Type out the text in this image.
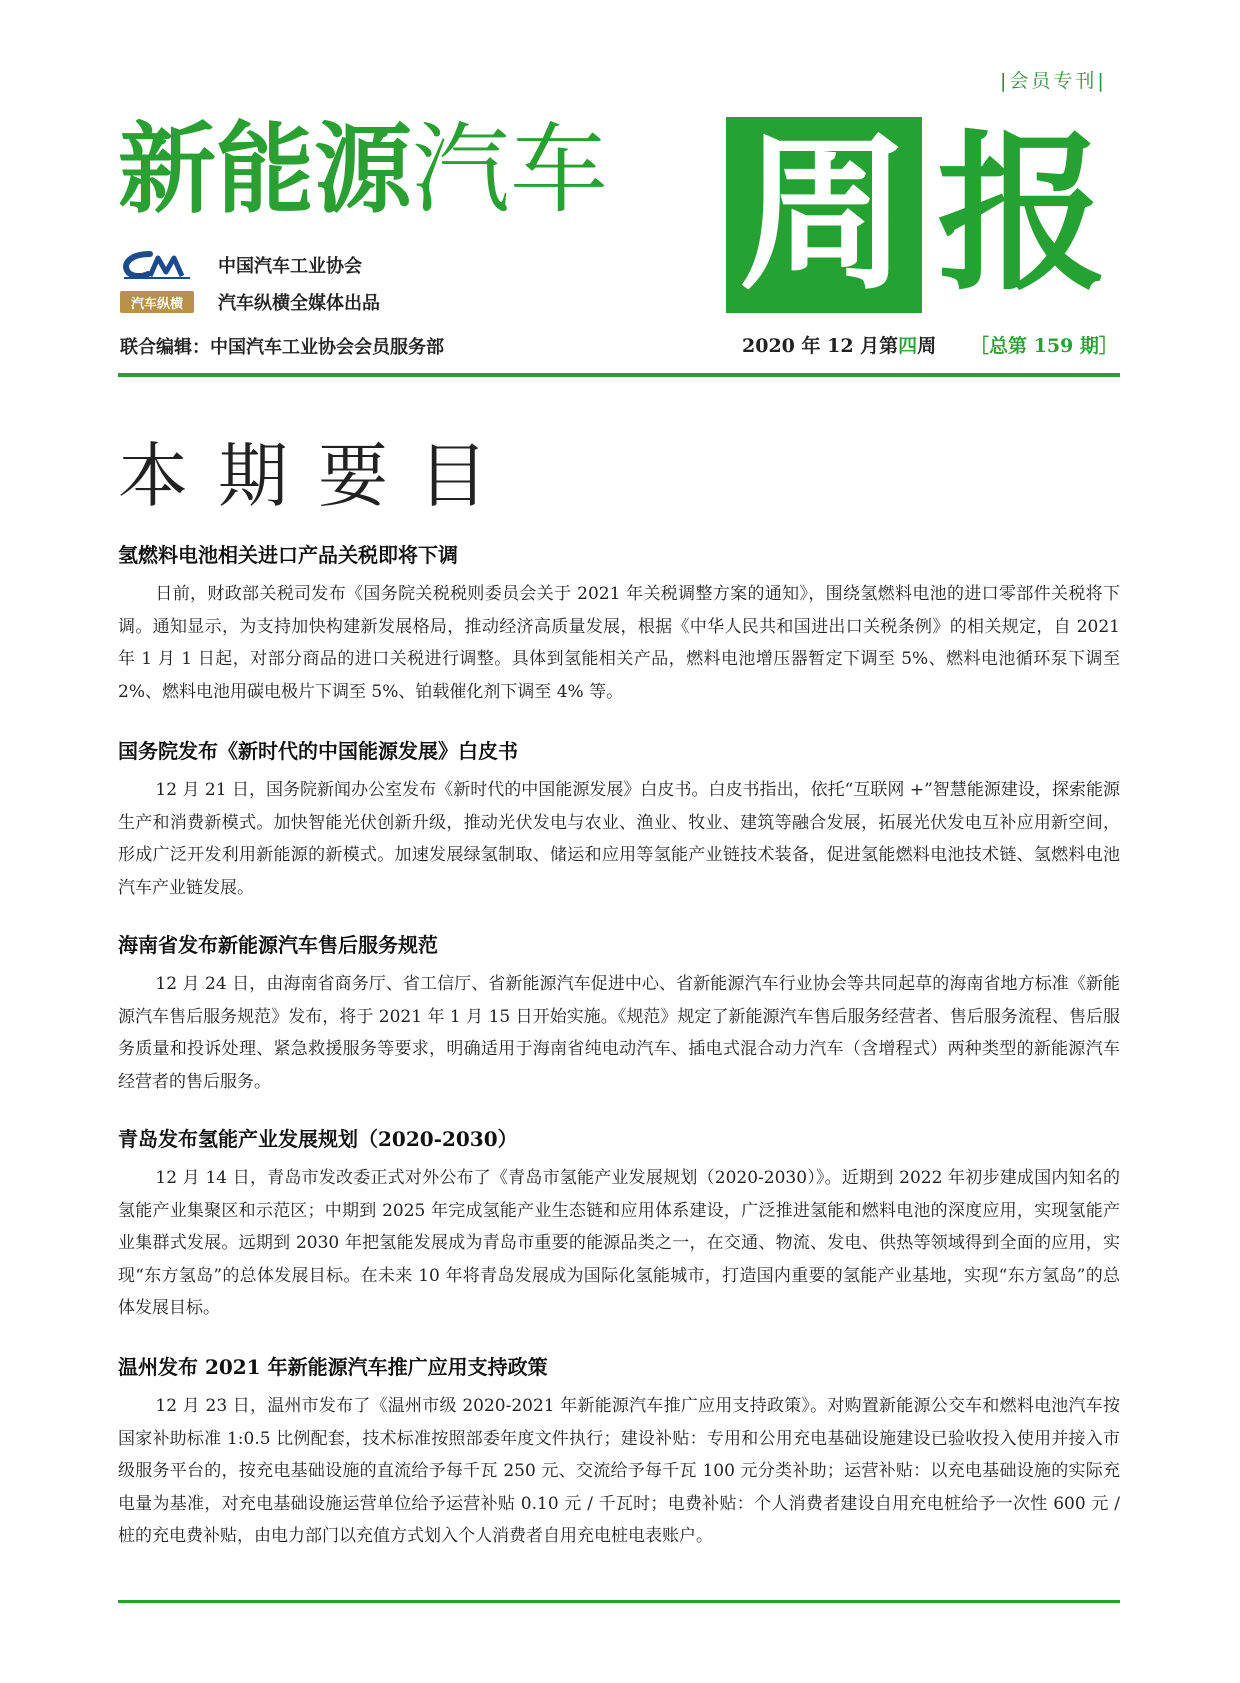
|会员专刊|
新能源汽车 周 报
中国汽车工业协会
汽车纵横	汽车纵横全媒体出品
联合编辑：中国汽车工业协会会员服务部	2020 年 12 月第四周 ［总第 159 期］
本期要目
氢燃料电池相关进口产品关税即将下调

日前，财政部关税司发布《国务院关税税则委员会关于 2021 年关税调整方案的通知》，围绕氢燃料电池的进口零部件关税将下调。通知显示，为支持加快构建新发展格局，推动经济高质量发展，根据《中华人民共和国进出口关税条例》的相关规定，自 2021 年 1 月 1 日起，对部分商品的进口关税进行调整。具体到氢能相关产品，燃料电池增压器暂定下调至 5%、燃料电池循环泵下调至 2%、燃料电池用碳电极片下调至 5%、铂载催化剂下调至 4% 等。

国务院发布《新时代的中国能源发展》白皮书

12 月 21 日，国务院新闻办公室发布《新时代的中国能源发展》白皮书。白皮书指出，依托“互联网 +”智慧能源建设，探索能源生产和消费新模式。加快智能光伏创新升级，推动光伏发电与农业、渔业、牧业、建筑等融合发展，拓展光伏发电互补应用新空间，形成广泛开发利用新能源的新模式。加速发展绿氢制取、储运和应用等氢能产业链技术装备，促进氢能燃料电池技术链、氢燃料电池汽车产业链发展。

海南省发布新能源汽车售后服务规范

12 月 24 日，由海南省商务厅、省工信厅、省新能源汽车促进中心、省新能源汽车行业协会等共同起草的海南省地方标准《新能源汽车售后服务规范》发布，将于 2021 年 1 月 15 日开始实施。《规范》规定了新能源汽车售后服务经营者、售后服务流程、售后服务质量和投诉处理、紧急救援服务等要求，明确适用于海南省纯电动汽车、插电式混合动力汽车（含增程式）两种类型的新能源汽车经营者的售后服务。

青岛发布氢能产业发展规划（2020-2030）

12 月 14 日，青岛市发改委正式对外公布了《青岛市氢能产业发展规划（2020-2030）》。近期到 2022 年初步建成国内知名的氢能产业集聚区和示范区；中期到 2025 年完成氢能产业生态链和应用体系建设，广泛推进氢能和燃料电池的深度应用，实现氢能产业集群式发展。远期到 2030 年把氢能发展成为青岛市重要的能源品类之一，在交通、物流、发电、供热等领域得到全面的应用，实现“东方氢岛”的总体发展目标。在未来 10 年将青岛发展成为国际化氢能城市，打造国内重要的氢能产业基地，实现“东方氢岛”的总体发展目标。

温州发布 2021 年新能源汽车推广应用支持政策

12 月 23 日，温州市发布了《温州市级 2020-2021 年新能源汽车推广应用支持政策》。对购置新能源公交车和燃料电池汽车按国家补助标准 1:0.5 比例配套，技术标准按照部委年度文件执行；建设补贴：专用和公用充电基础设施建设已验收投入使用并接入市级服务平台的，按充电基础设施的直流给予每千瓦 250 元、交流给予每千瓦 100 元分类补助；运营补贴：以充电基础设施的实际充电量为基准，对充电基础设施运营单位给予运营补贴 0.10 元 / 千瓦时；电费补贴：个人消费者建设自用充电桩给予一次性 600 元 / 桩的充电费补贴，由电力部门以充值方式划入个人消费者自用充电桩电表账户。
